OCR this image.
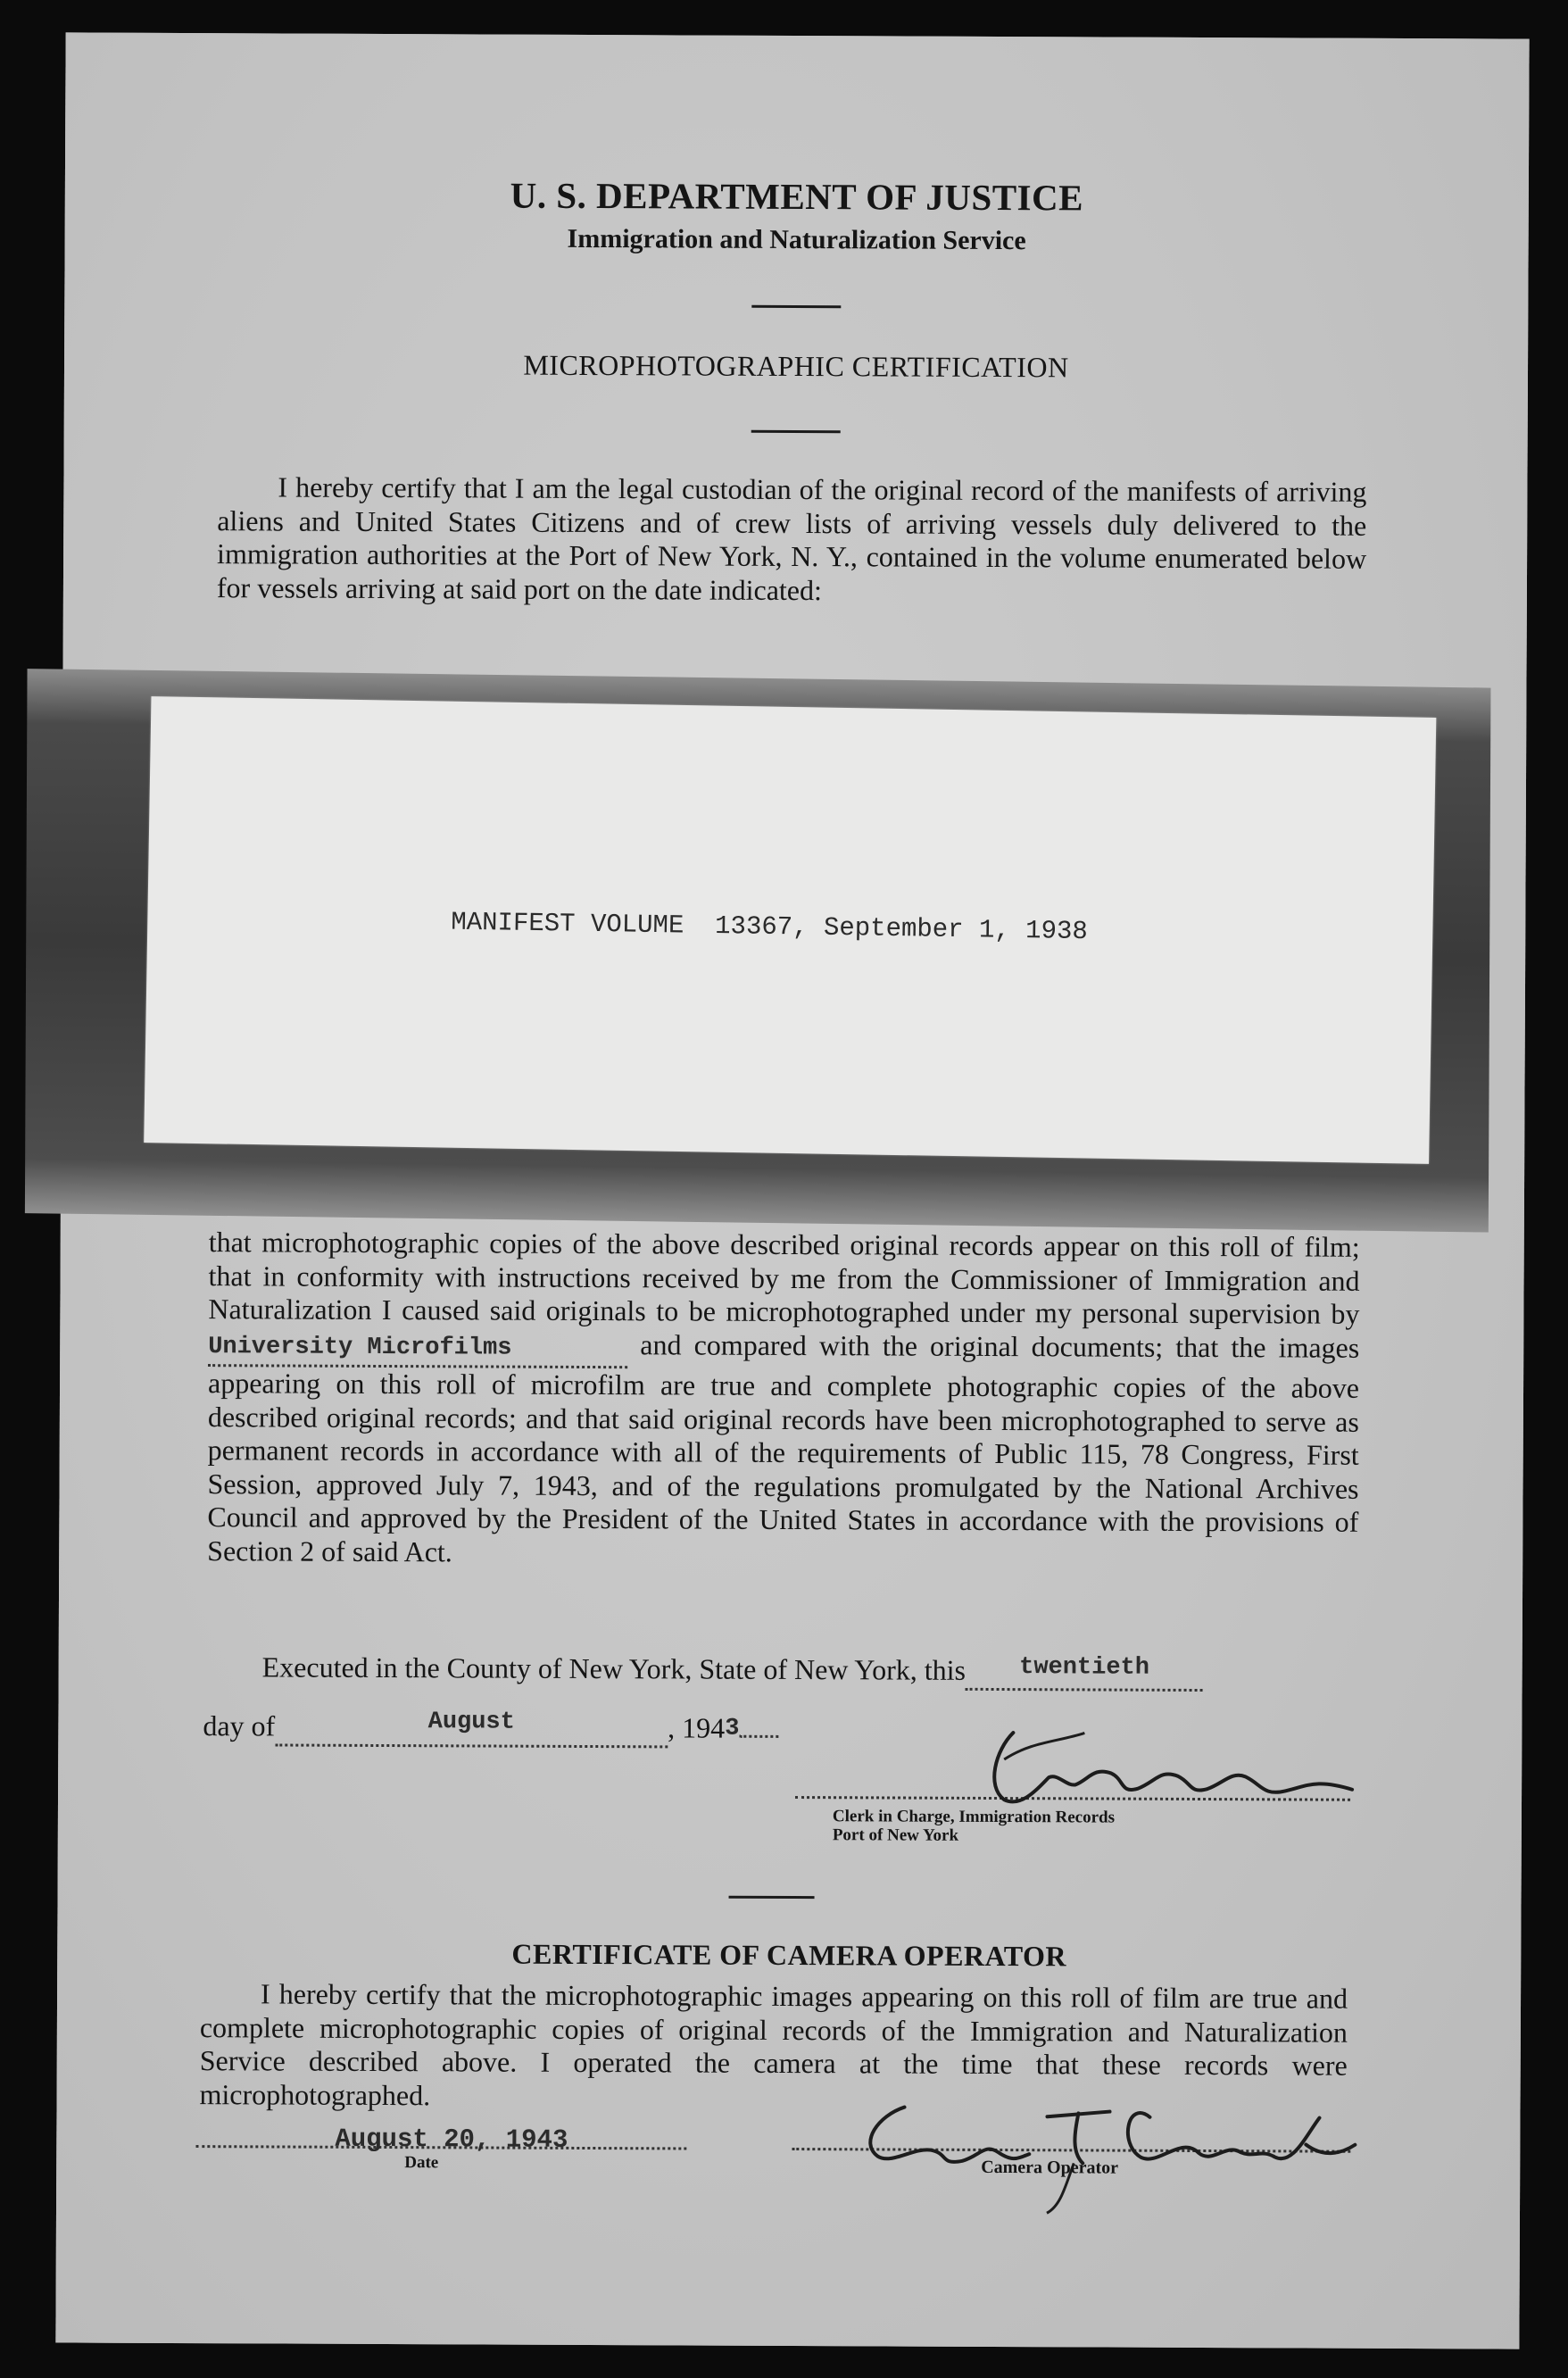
U. S. DEPARTMENT OF JUSTICE
Immigration and Naturalization Service
MICROPHOTOGRAPHIC CERTIFICATION
I hereby certify that I am the legal custodian of the original record of the manifests of arriving aliens and United States Citizens and of crew lists of arriving vessels duly delivered to the immigration authorities at the Port of New York, N. Y., contained in the volume enumerated below for vessels arriving at said port on the date indicated:
MANIFEST VOLUME  13367, September 1, 1938
that microphotographic copies of the above described original records appear on this roll of film; that in conformity with instructions received by me from the Commissioner of Immigration and Naturalization I caused said originals to be microphotographed under my personal supervision byUniversity Microfilms	and compared with the original documents; that the images appearing on this roll of microfilm are true and complete photographic copies of the above described original records; and that said original records have been microphotographed to serve as permanent records in accordance with all of the requirements of Public 115, 78 Congress, First Session, approved July 7, 1943, and of the regulations promulgated by the National Archives Council and approved by the President of the United States in accordance with the provisions of Section 2 of said Act.
Executed in the County of New York, State of New York, this $^{twentieth}$
day of	$^{August}$	, 1943
Clerk in Charge, Immigration Records
Port of New York
CERTIFICATE OF CAMERA OPERATOR
I hereby certify that the microphotographic images appearing on this roll of film are true and complete microphotographic copies of original records of the Immigration and Naturalization Service described above. I operated the camera at the time that these records were microphotographed.
August 20, 1943
Date	Camera Operator
